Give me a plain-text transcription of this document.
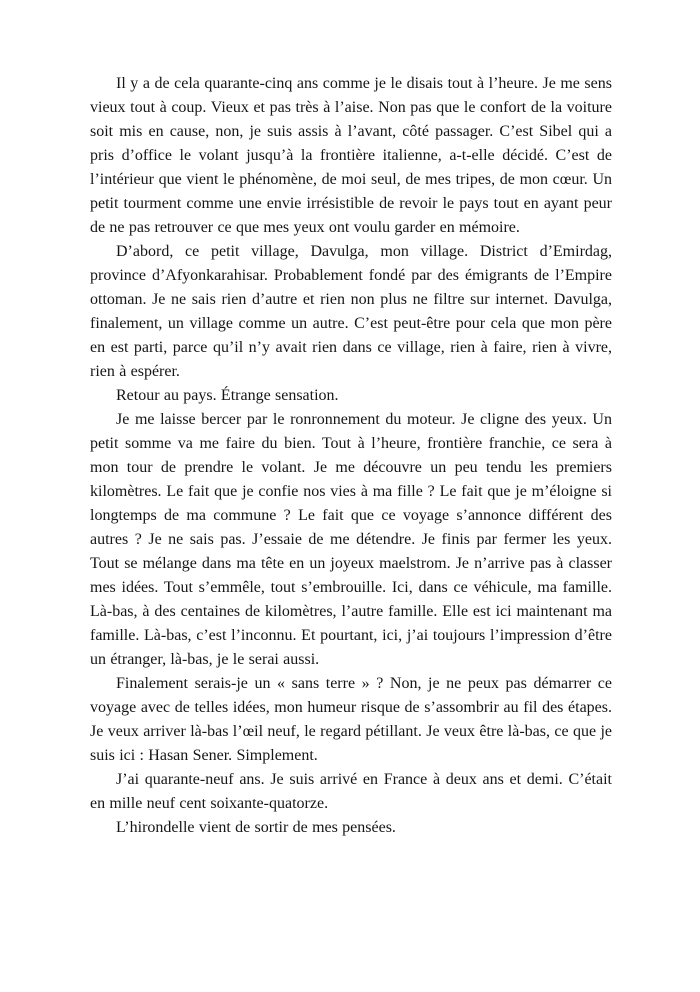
Il y a de cela quarante-cinq ans comme je le disais tout à l’heure. Je me sens vieux tout à coup. Vieux et pas très à l’aise. Non pas que le confort de la voiture soit mis en cause, non, je suis assis à l’avant, côté passager. C’est Sibel qui a pris d’office le volant jusqu’à la frontière italienne, a-t-elle décidé. C’est de l’intérieur que vient le phénomène, de moi seul, de mes tripes, de mon cœur. Un petit tourment comme une envie irrésistible de revoir le pays tout en ayant peur de ne pas retrouver ce que mes yeux ont voulu garder en mémoire.

D’abord, ce petit village, Davulga, mon village. District d’Emirdag, province d’Afyonkarahisar. Probablement fondé par des émigrants de l’Empire ottoman. Je ne sais rien d’autre et rien non plus ne filtre sur internet. Davulga, finalement, un village comme un autre. C’est peut-être pour cela que mon père en est parti, parce qu’il n’y avait rien dans ce village, rien à faire, rien à vivre, rien à espérer.

Retour au pays. Étrange sensation.

Je me laisse bercer par le ronronnement du moteur. Je cligne des yeux. Un petit somme va me faire du bien. Tout à l’heure, frontière franchie, ce sera à mon tour de prendre le volant. Je me découvre un peu tendu les premiers kilomètres. Le fait que je confie nos vies à ma fille ? Le fait que je m’éloigne si longtemps de ma commune ? Le fait que ce voyage s’annonce différent des autres ? Je ne sais pas. J’essaie de me détendre. Je finis par fermer les yeux. Tout se mélange dans ma tête en un joyeux maelstrom. Je n’arrive pas à classer mes idées. Tout s’emmêle, tout s’embrouille. Ici, dans ce véhicule, ma famille. Là-bas, à des centaines de kilomètres, l’autre famille. Elle est ici maintenant ma famille. Là-bas, c’est l’inconnu. Et pourtant, ici, j’ai toujours l’impression d’être un étranger, là-bas, je le serai aussi.

Finalement serais-je un « sans terre » ? Non, je ne peux pas démarrer ce voyage avec de telles idées, mon humeur risque de s’assombrir au fil des étapes. Je veux arriver là-bas l’œil neuf, le regard pétillant. Je veux être là-bas, ce que je suis ici : Hasan Sener. Simplement.

J’ai quarante-neuf ans. Je suis arrivé en France à deux ans et demi. C’était en mille neuf cent soixante-quatorze.

L’hirondelle vient de sortir de mes pensées.
